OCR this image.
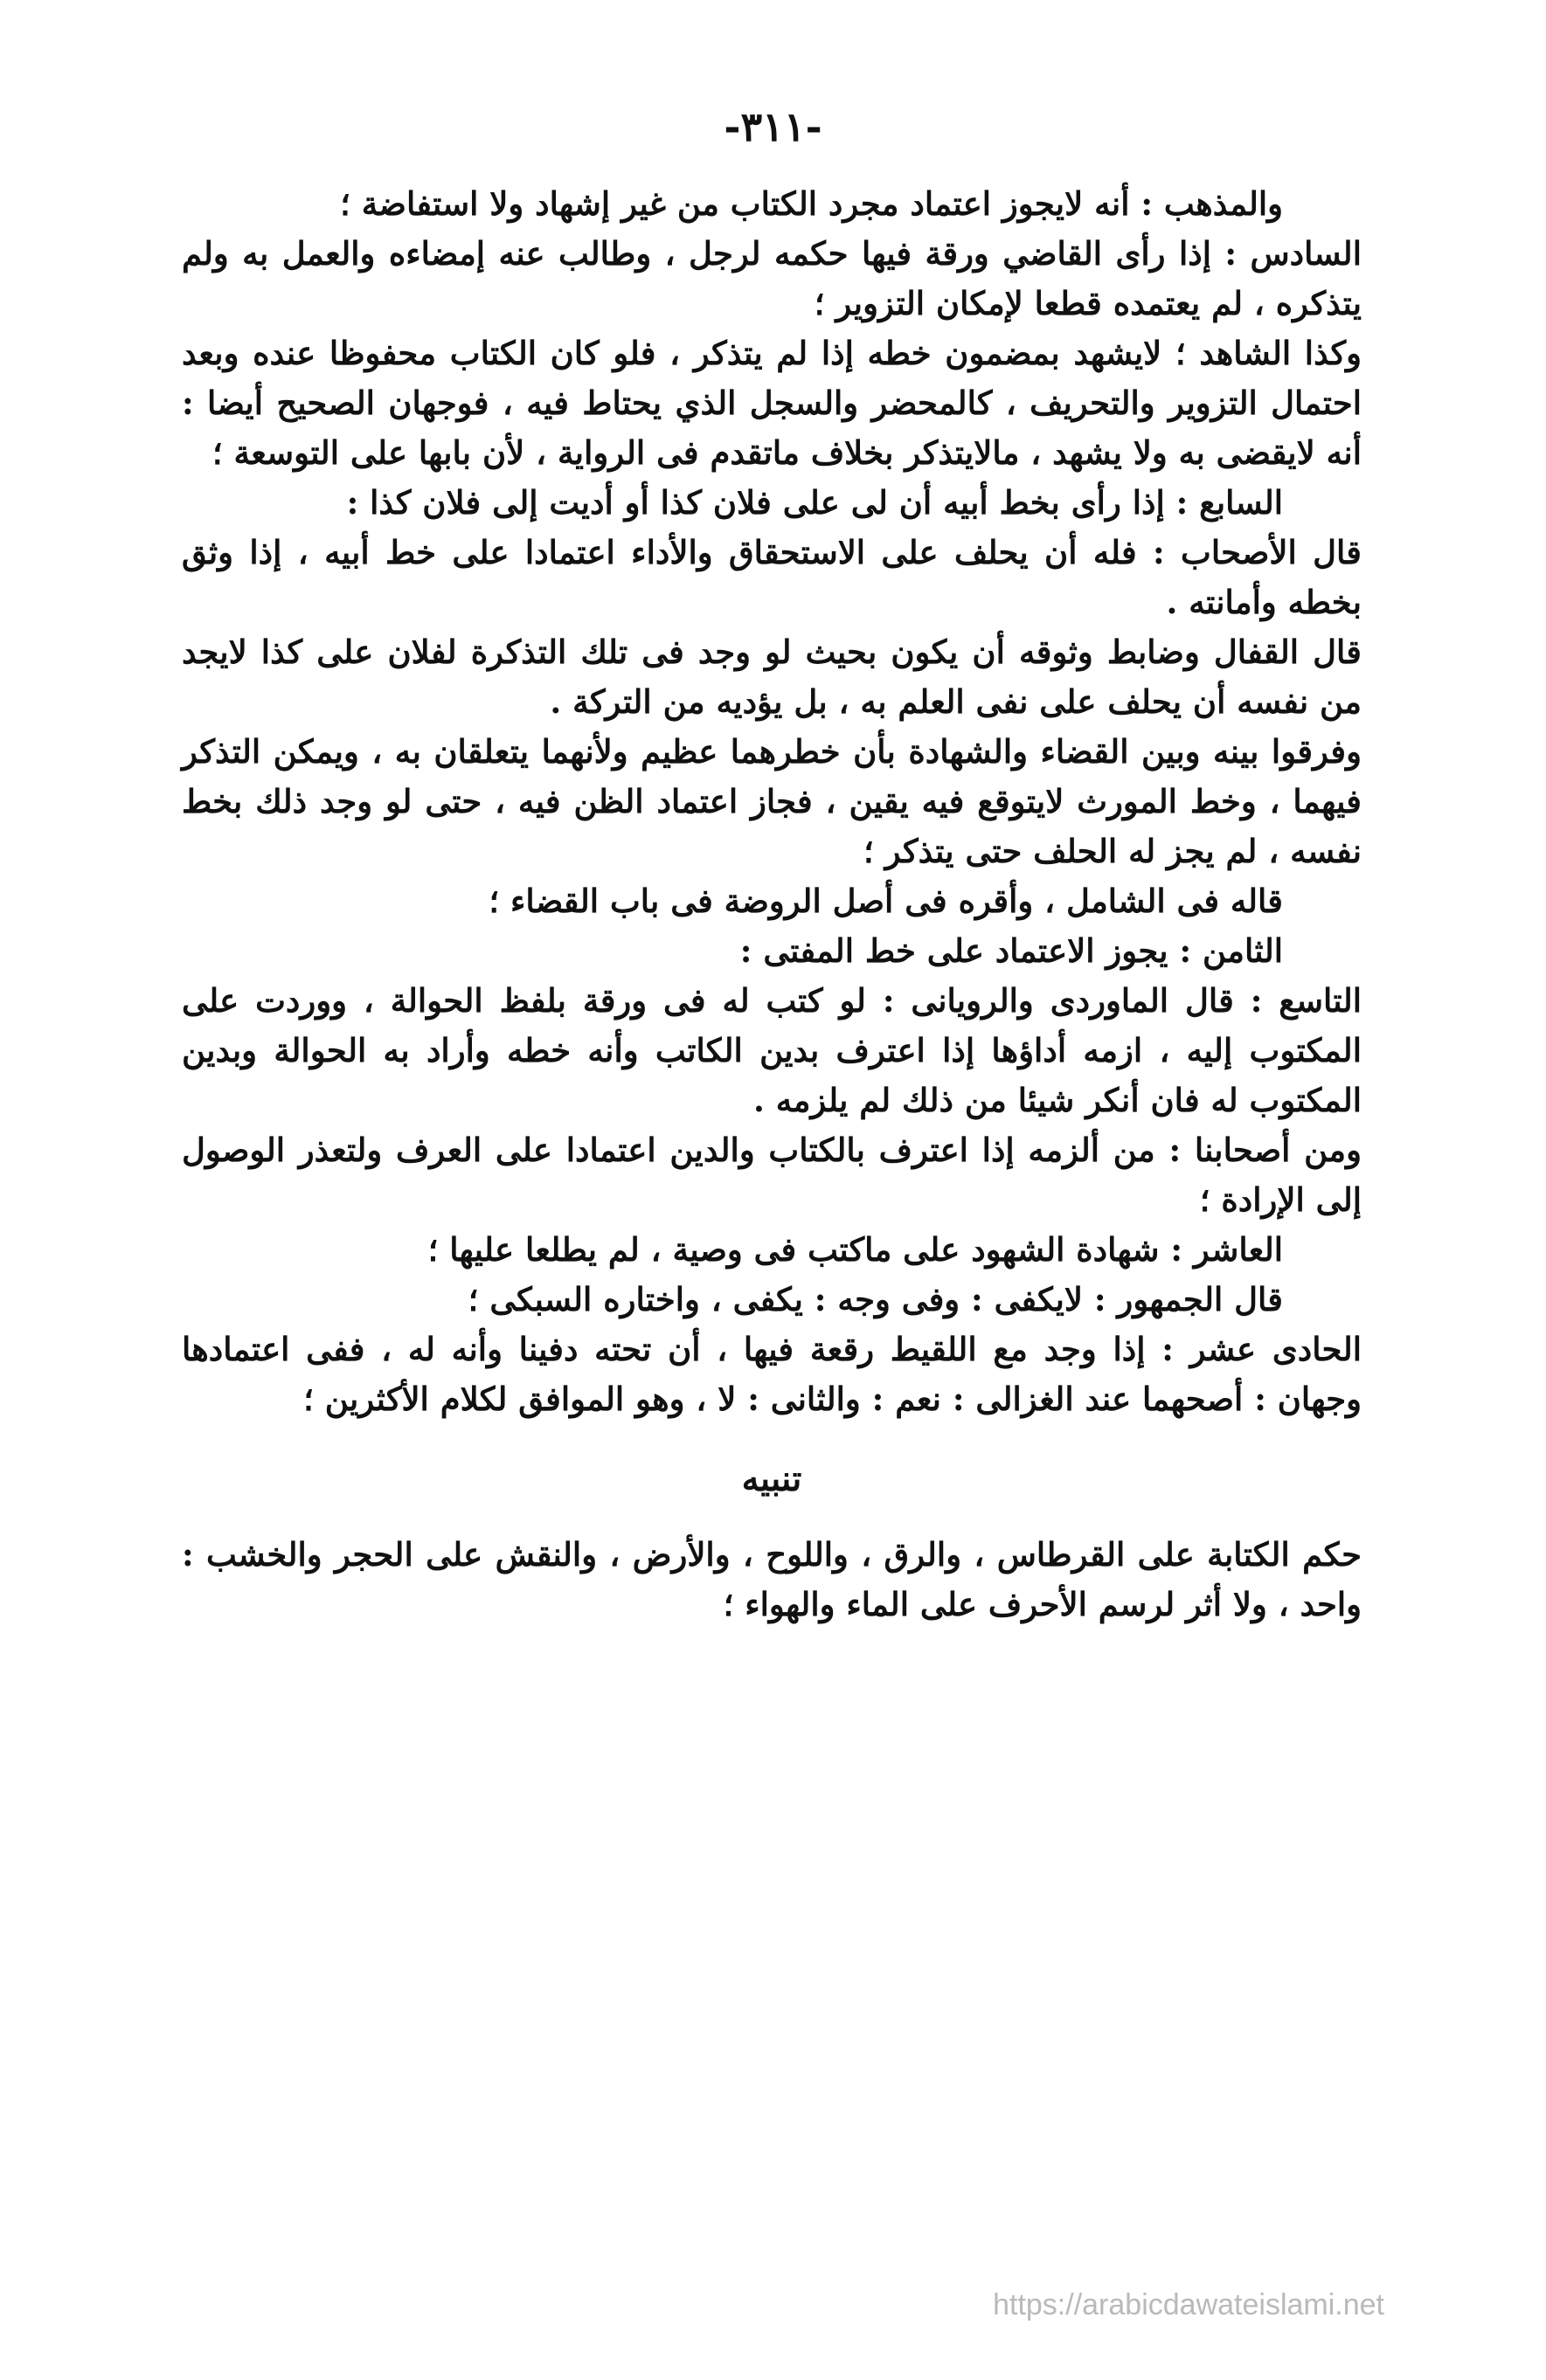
-٣١١-

والمذهب : أنه لايجوز اعتماد مجرد الكتاب من غير إشهاد ولا استفاضة ؛

السادس : إذا رأى القاضي ورقة فيها حكمه لرجل ، وطالب عنه إمضاءه والعمل به ولم يتذكره ، لم يعتمده قطعا لإمكان التزوير ؛

وكذا الشاهد ؛ لايشهد بمضمون خطه إذا لم يتذكر ، فلو كان الكتاب محفوظا عنده وبعد احتمال التزوير والتحريف ، كالمحضر والسجل الذي يحتاط فيه ، فوجهان الصحيح أيضا : أنه لايقضى به ولا يشهد ، مالايتذكر بخلاف ماتقدم فى الرواية ، لأن بابها على التوسعة ؛

السابع : إذا رأى بخط أبيه أن لى على فلان كذا أو أديت إلى فلان كذا :

قال الأصحاب : فله أن يحلف على الاستحقاق والأداء اعتمادا على خط أبيه ، إذا وثق بخطه وأمانته .

قال القفال وضابط وثوقه أن يكون بحيث لو وجد فى تلك التذكرة لفلان على كذا لايجد من نفسه أن يحلف على نفى العلم به ، بل يؤديه من التركة .

وفرقوا بينه وبين القضاء والشهادة بأن خطرهما عظيم ولأنهما يتعلقان به ، ويمكن التذكر فيهما ، وخط المورث لايتوقع فيه يقين ، فجاز اعتماد الظن فيه ، حتى لو وجد ذلك بخط نفسه ، لم يجز له الحلف حتى يتذكر ؛

قاله فى الشامل ، وأقره فى أصل الروضة فى باب القضاء ؛

الثامن : يجوز الاعتماد على خط المفتى :

التاسع : قال الماوردى والرويانى : لو كتب له فى ورقة بلفظ الحوالة ، ووردت على المكتوب إليه ، ازمه أداؤها إذا اعترف بدين الكاتب وأنه خطه وأراد به الحوالة وبدين المكتوب له فان أنكر شيئا من ذلك لم يلزمه .

ومن أصحابنا : من ألزمه إذا اعترف بالكتاب والدين اعتمادا على العرف ولتعذر الوصول إلى الإرادة ؛

العاشر : شهادة الشهود على ماكتب فى وصية ، لم يطلعا عليها ؛

قال الجمهور : لايكفى : وفى وجه : يكفى ، واختاره السبكى ؛

الحادى عشر : إذا وجد مع اللقيط رقعة فيها ، أن تحته دفينا وأنه له ، ففى اعتمادها وجهان : أصحهما عند الغزالى : نعم : والثانى : لا ، وهو الموافق لكلام الأكثرين ؛

تنبيه

حكم الكتابة على القرطاس ، والرق ، واللوح ، والأرض ، والنقش على الحجر والخشب : واحد ، ولا أثر لرسم الأحرف على الماء والهواء ؛

https://arabicdawateislami.net
